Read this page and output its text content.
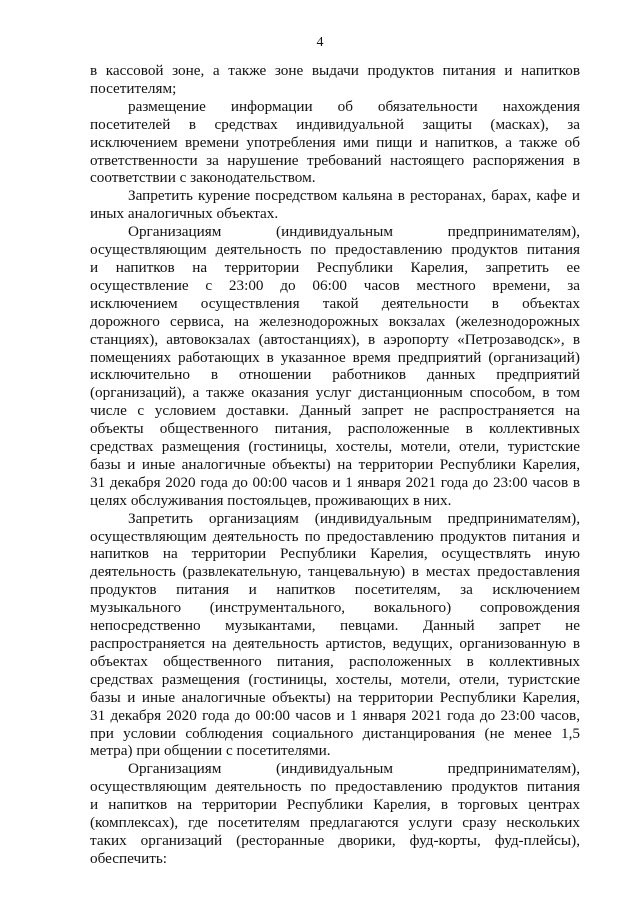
4
в кассовой зоне, а также зоне выдачи продуктов питания и напитков
посетителям;
размещение информации об обязательности нахождения
посетителей в средствах индивидуальной защиты (масках), за
исключением времени употребления ими пищи и напитков, а также об
ответственности за нарушение требований настоящего распоряжения в
соответствии с законодательством.
Запретить курение посредством кальяна в ресторанах, барах, кафе и
иных аналогичных объектах.
Организациям (индивидуальным предпринимателям),
осуществляющим деятельность по предоставлению продуктов питания
и напитков на территории Республики Карелия, запретить ее
осуществление с 23:00 до 06:00 часов местного времени, за
исключением осуществления такой деятельности в объектах
дорожного сервиса, на железнодорожных вокзалах (железнодорожных
станциях), автовокзалах (автостанциях), в аэропорту «Петрозаводск», в
помещениях работающих в указанное время предприятий (организаций)
исключительно в отношении работников данных предприятий
(организаций), а также оказания услуг дистанционным способом, в том
числе с условием доставки. Данный запрет не распространяется на
объекты общественного питания, расположенные в коллективных
средствах размещения (гостиницы, хостелы, мотели, отели, туристские
базы и иные аналогичные объекты) на территории Республики Карелия,
31 декабря 2020 года до 00:00 часов и 1 января 2021 года до 23:00 часов в
целях обслуживания постояльцев, проживающих в них.
Запретить организациям (индивидуальным предпринимателям),
осуществляющим деятельность по предоставлению продуктов питания и
напитков на территории Республики Карелия, осуществлять иную
деятельность (развлекательную, танцевальную) в местах предоставления
продуктов питания и напитков посетителям, за исключением
музыкального (инструментального, вокального) сопровождения
непосредственно музыкантами, певцами. Данный запрет не
распространяется на деятельность артистов, ведущих, организованную в
объектах общественного питания, расположенных в коллективных
средствах размещения (гостиницы, хостелы, мотели, отели, туристские
базы и иные аналогичные объекты) на территории Республики Карелия,
31 декабря 2020 года до 00:00 часов и 1 января 2021 года до 23:00 часов,
при условии соблюдения социального дистанцирования (не менее 1,5
метра) при общении с посетителями.
Организациям (индивидуальным предпринимателям),
осуществляющим деятельность по предоставлению продуктов питания
и напитков на территории Республики Карелия, в торговых центрах
(комплексах), где посетителям предлагаются услуги сразу нескольких
таких организаций (ресторанные дворики, фуд-корты, фуд-плейсы),
обеспечить:
